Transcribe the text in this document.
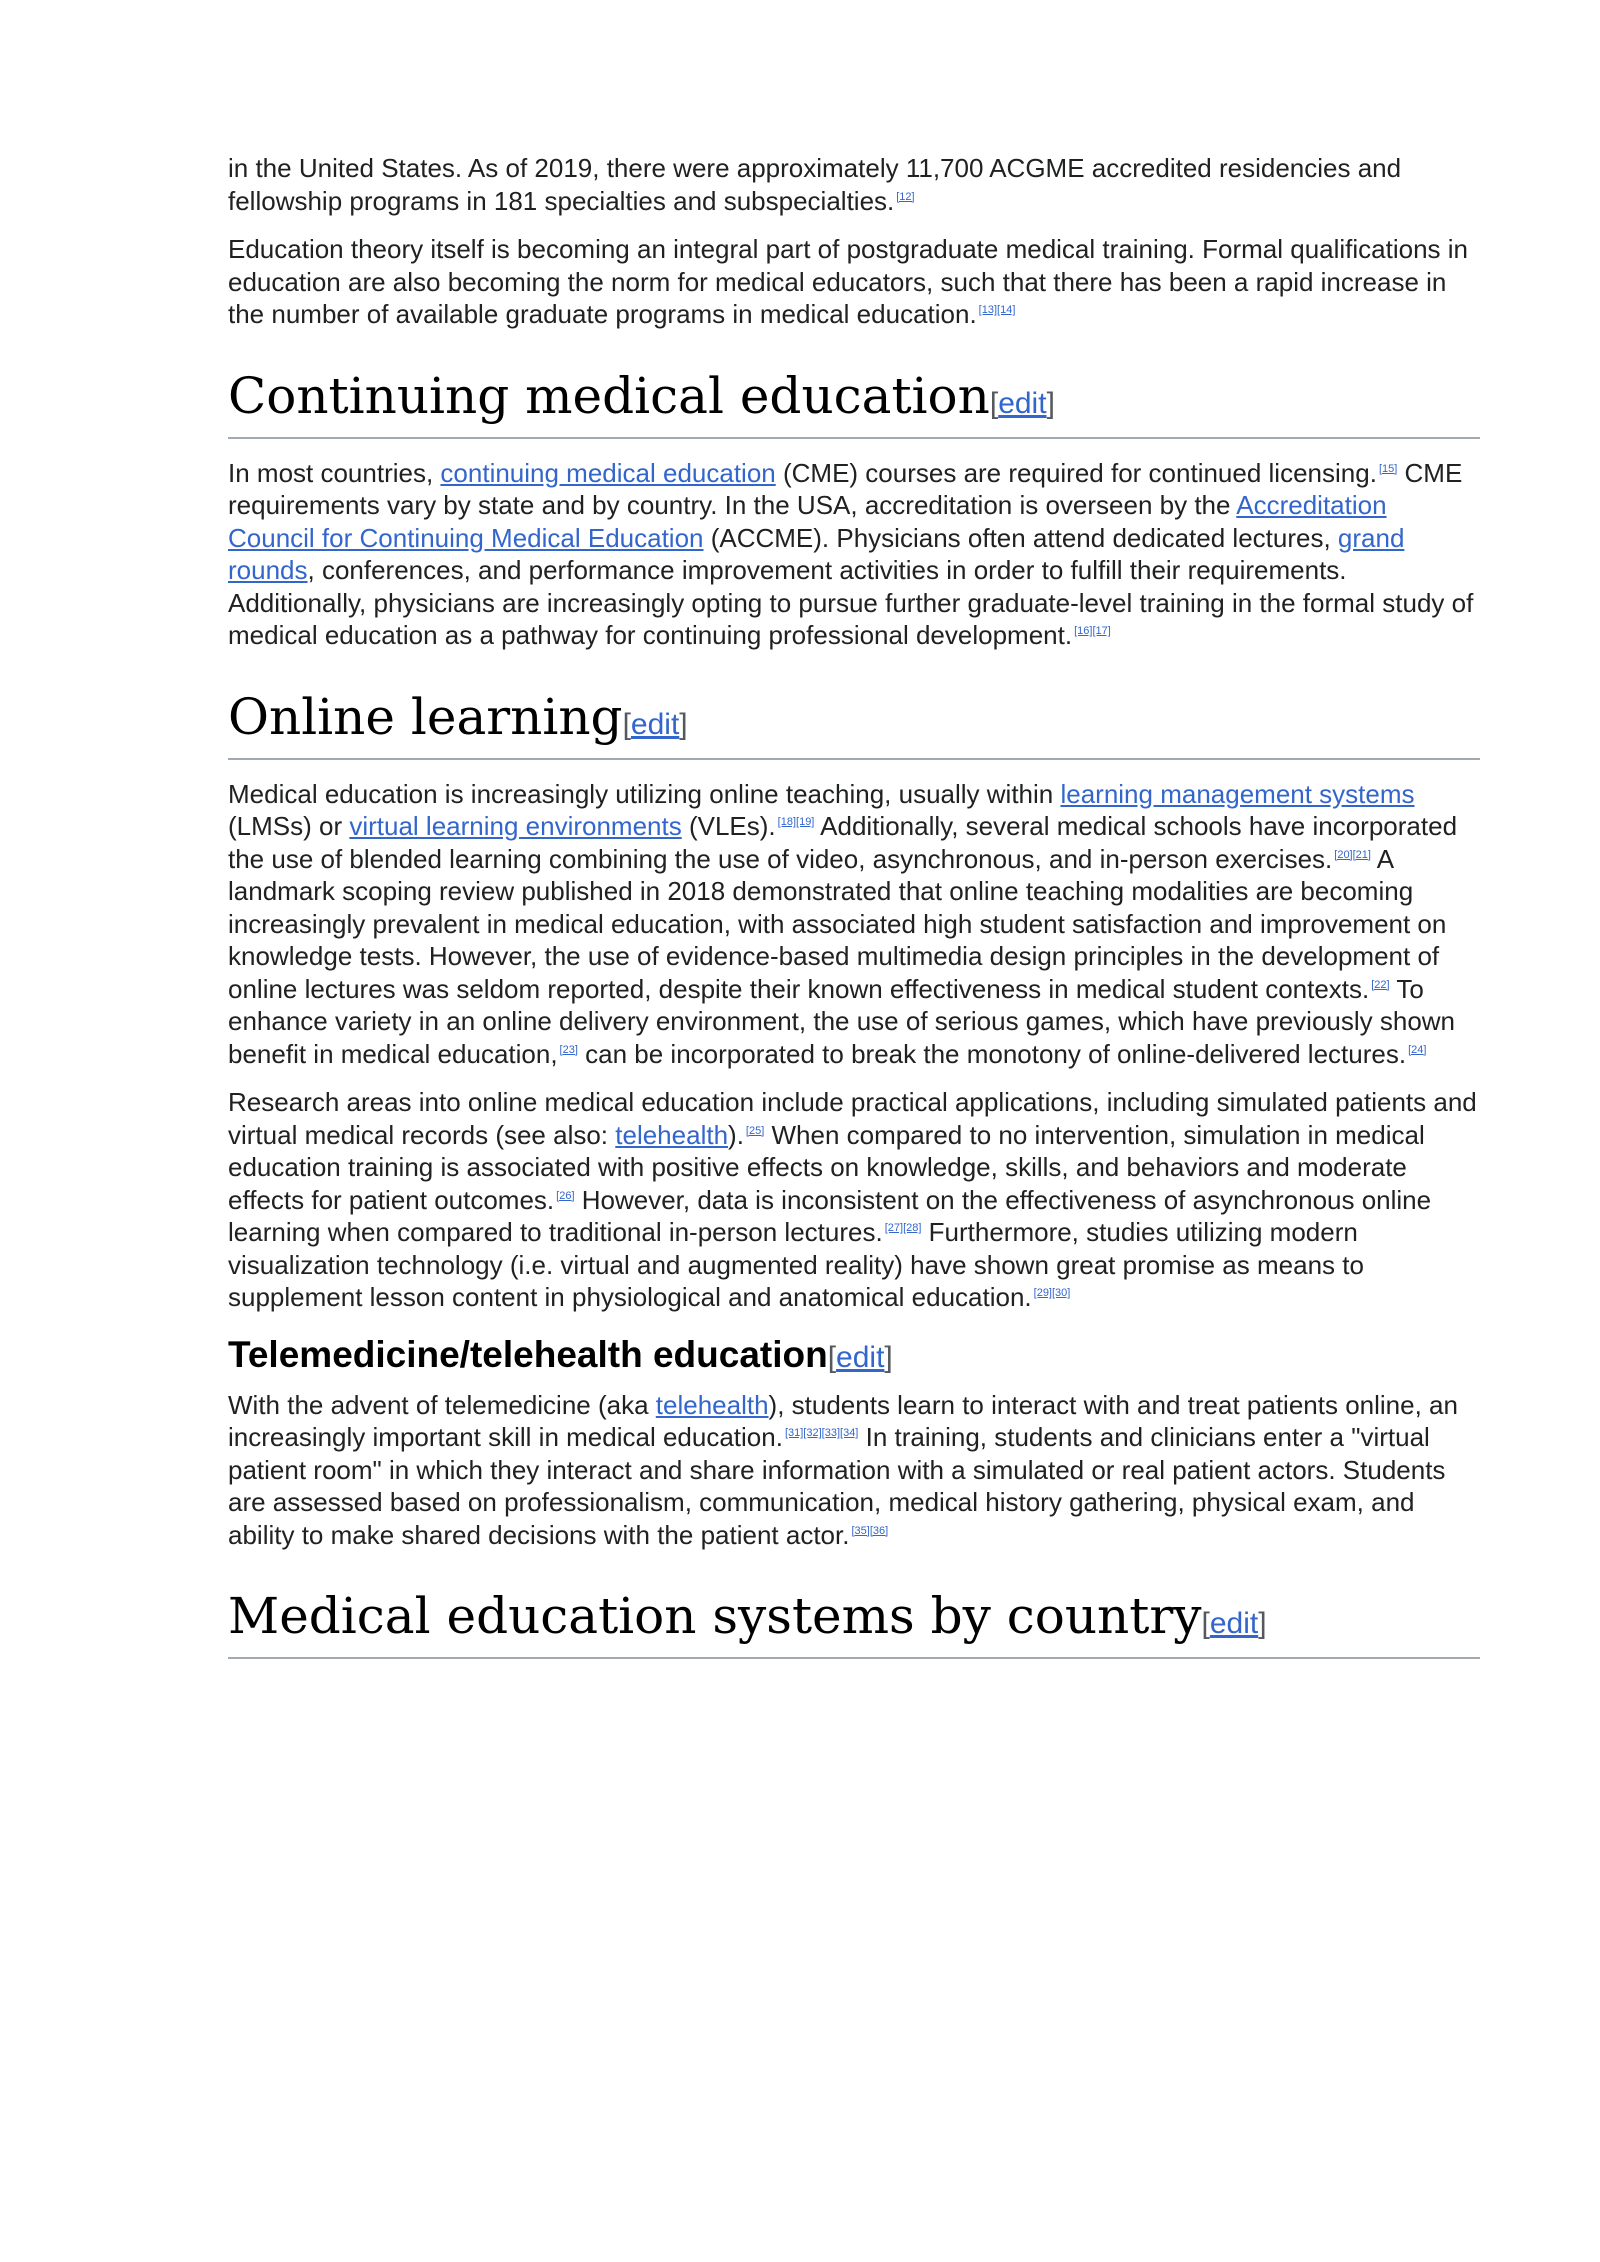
in the United States. As of 2019, there were approximately 11,700 ACGME accredited residencies and fellowship programs in 181 specialties and subspecialties. [12]

Education theory itself is becoming an integral part of postgraduate medical training. Formal qualifications in education are also becoming the norm for medical educators, such that there has been a rapid increase in the number of available graduate programs in medical education. [13][14]

Continuing medical education[edit]

In most countries, continuing medical education (CME) courses are required for continued licensing. [15] CME requirements vary by state and by country. In the USA, accreditation is overseen by the Accreditation Council for Continuing Medical Education (ACCME). Physicians often attend dedicated lectures, grand rounds, conferences, and performance improvement activities in order to fulfill their requirements. Additionally, physicians are increasingly opting to pursue further graduate-level training in the formal study of medical education as a pathway for continuing professional development. [16][17]

Online learning[edit]

Medical education is increasingly utilizing online teaching, usually within learning management systems (LMSs) or virtual learning environments (VLEs). [18][19] Additionally, several medical schools have incorporated the use of blended learning combining the use of video, asynchronous, and in-person exercises. [20][21] A landmark scoping review published in 2018 demonstrated that online teaching modalities are becoming increasingly prevalent in medical education, with associated high student satisfaction and improvement on knowledge tests. However, the use of evidence-based multimedia design principles in the development of online lectures was seldom reported, despite their known effectiveness in medical student contexts. [22] To enhance variety in an online delivery environment, the use of serious games, which have previously shown benefit in medical education, [23] can be incorporated to break the monotony of online-delivered lectures. [24]

Research areas into online medical education include practical applications, including simulated patients and virtual medical records (see also: telehealth). [25] When compared to no intervention, simulation in medical education training is associated with positive effects on knowledge, skills, and behaviors and moderate effects for patient outcomes. [26] However, data is inconsistent on the effectiveness of asynchronous online learning when compared to traditional in-person lectures. [27][28] Furthermore, studies utilizing modern visualization technology (i.e. virtual and augmented reality) have shown great promise as means to supplement lesson content in physiological and anatomical education. [29][30]

Telemedicine/telehealth education[edit]

With the advent of telemedicine (aka telehealth), students learn to interact with and treat patients online, an increasingly important skill in medical education. [31][32][33][34] In training, students and clinicians enter a "virtual patient room" in which they interact and share information with a simulated or real patient actors. Students are assessed based on professionalism, communication, medical history gathering, physical exam, and ability to make shared decisions with the patient actor. [35][36]

Medical education systems by country[edit]
